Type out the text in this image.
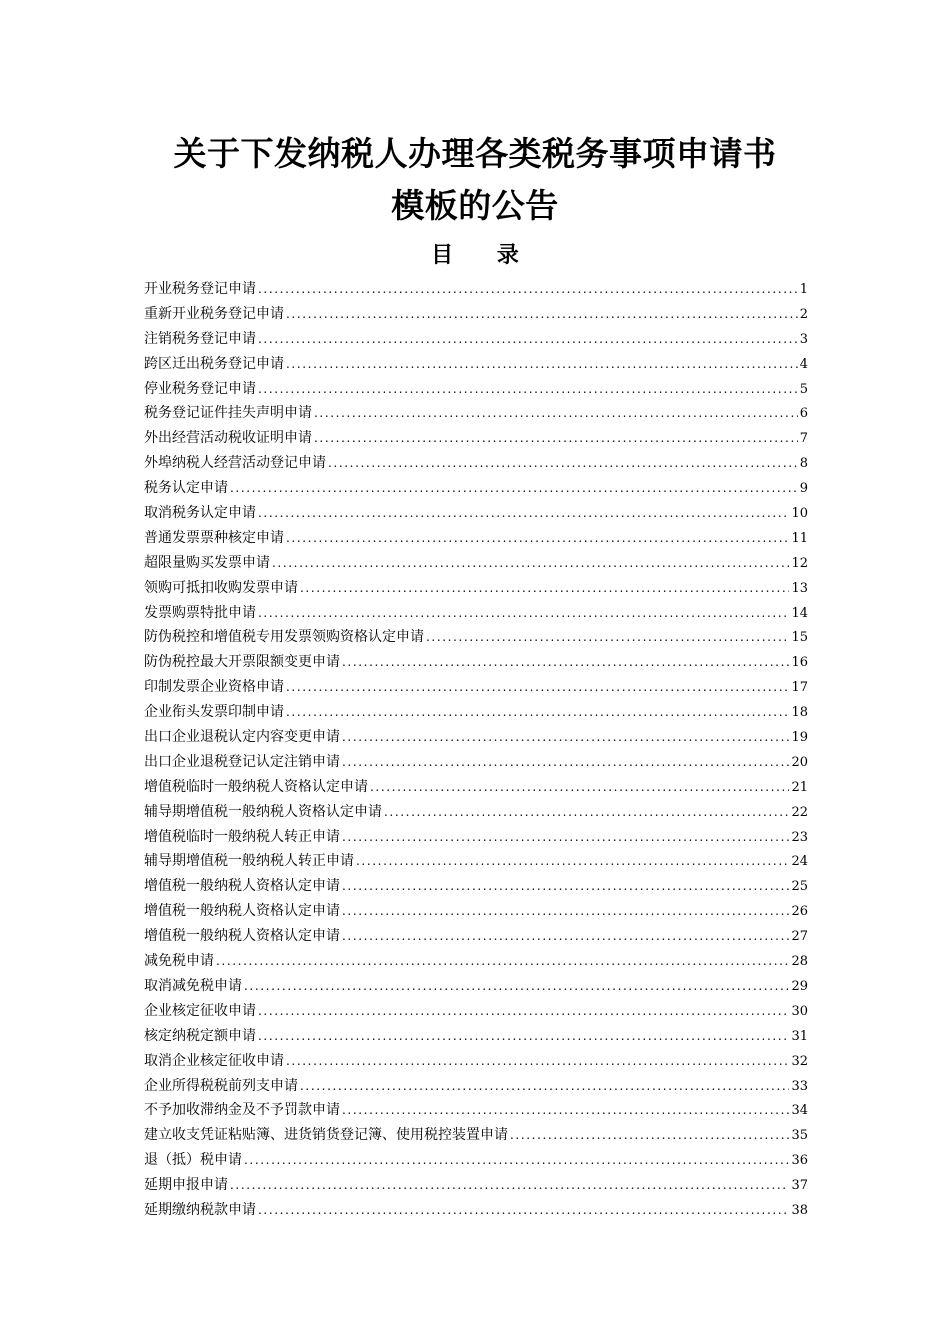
关于下发纳税人办理各类税务事项申请书
模板的公告
目 录
开业税务登记申请 .....	1
重新开业税务登记申请 .....	2
注销税务登记申请 .....	3
跨区迁出税务登记申请 .....	4
停业税务登记申请 .....	5
税务登记证件挂失声明申请 .....	6
外出经营活动税收证明申请 .....	7
外埠纳税人经营活动登记申请 .....	8
税务认定申请 .....	9
取消税务认定申请 .....	10
普通发票票种核定申请 .....	11
超限量购买发票申请 .....	12
领购可抵扣收购发票申请 .....	13
发票购票特批申请 .....	14
防伪税控和增值税专用发票领购资格认定申请 .....	15
防伪税控最大开票限额变更申请 .....	16
印制发票企业资格申请 .....	17
企业衔头发票印制申请 .....	18
出口企业退税认定内容变更申请 .....	19
出口企业退税登记认定注销申请 .....	20
增值税临时一般纳税人资格认定申请 .....	21
辅导期增值税一般纳税人资格认定申请 .....	22
增值税临时一般纳税人转正申请 .....	23
辅导期增值税一般纳税人转正申请 .....	24
增值税一般纳税人资格认定申请 .....	25
增值税一般纳税人资格认定申请 .....	26
增值税一般纳税人资格认定申请 .....	27
减免税申请 .....	28
取消减免税申请 .....	29
企业核定征收申请 .....	30
核定纳税定额申请 .....	31
取消企业核定征收申请 .....	32
企业所得税税前列支申请 .....	33
不予加收滞纳金及不予罚款申请 .....	34
建立收支凭证粘贴簿、进货销货登记簿、使用税控装置申请 .....	35
退（抵）税申请 .....	36
延期申报申请 .....	37
延期缴纳税款申请 .....	38
